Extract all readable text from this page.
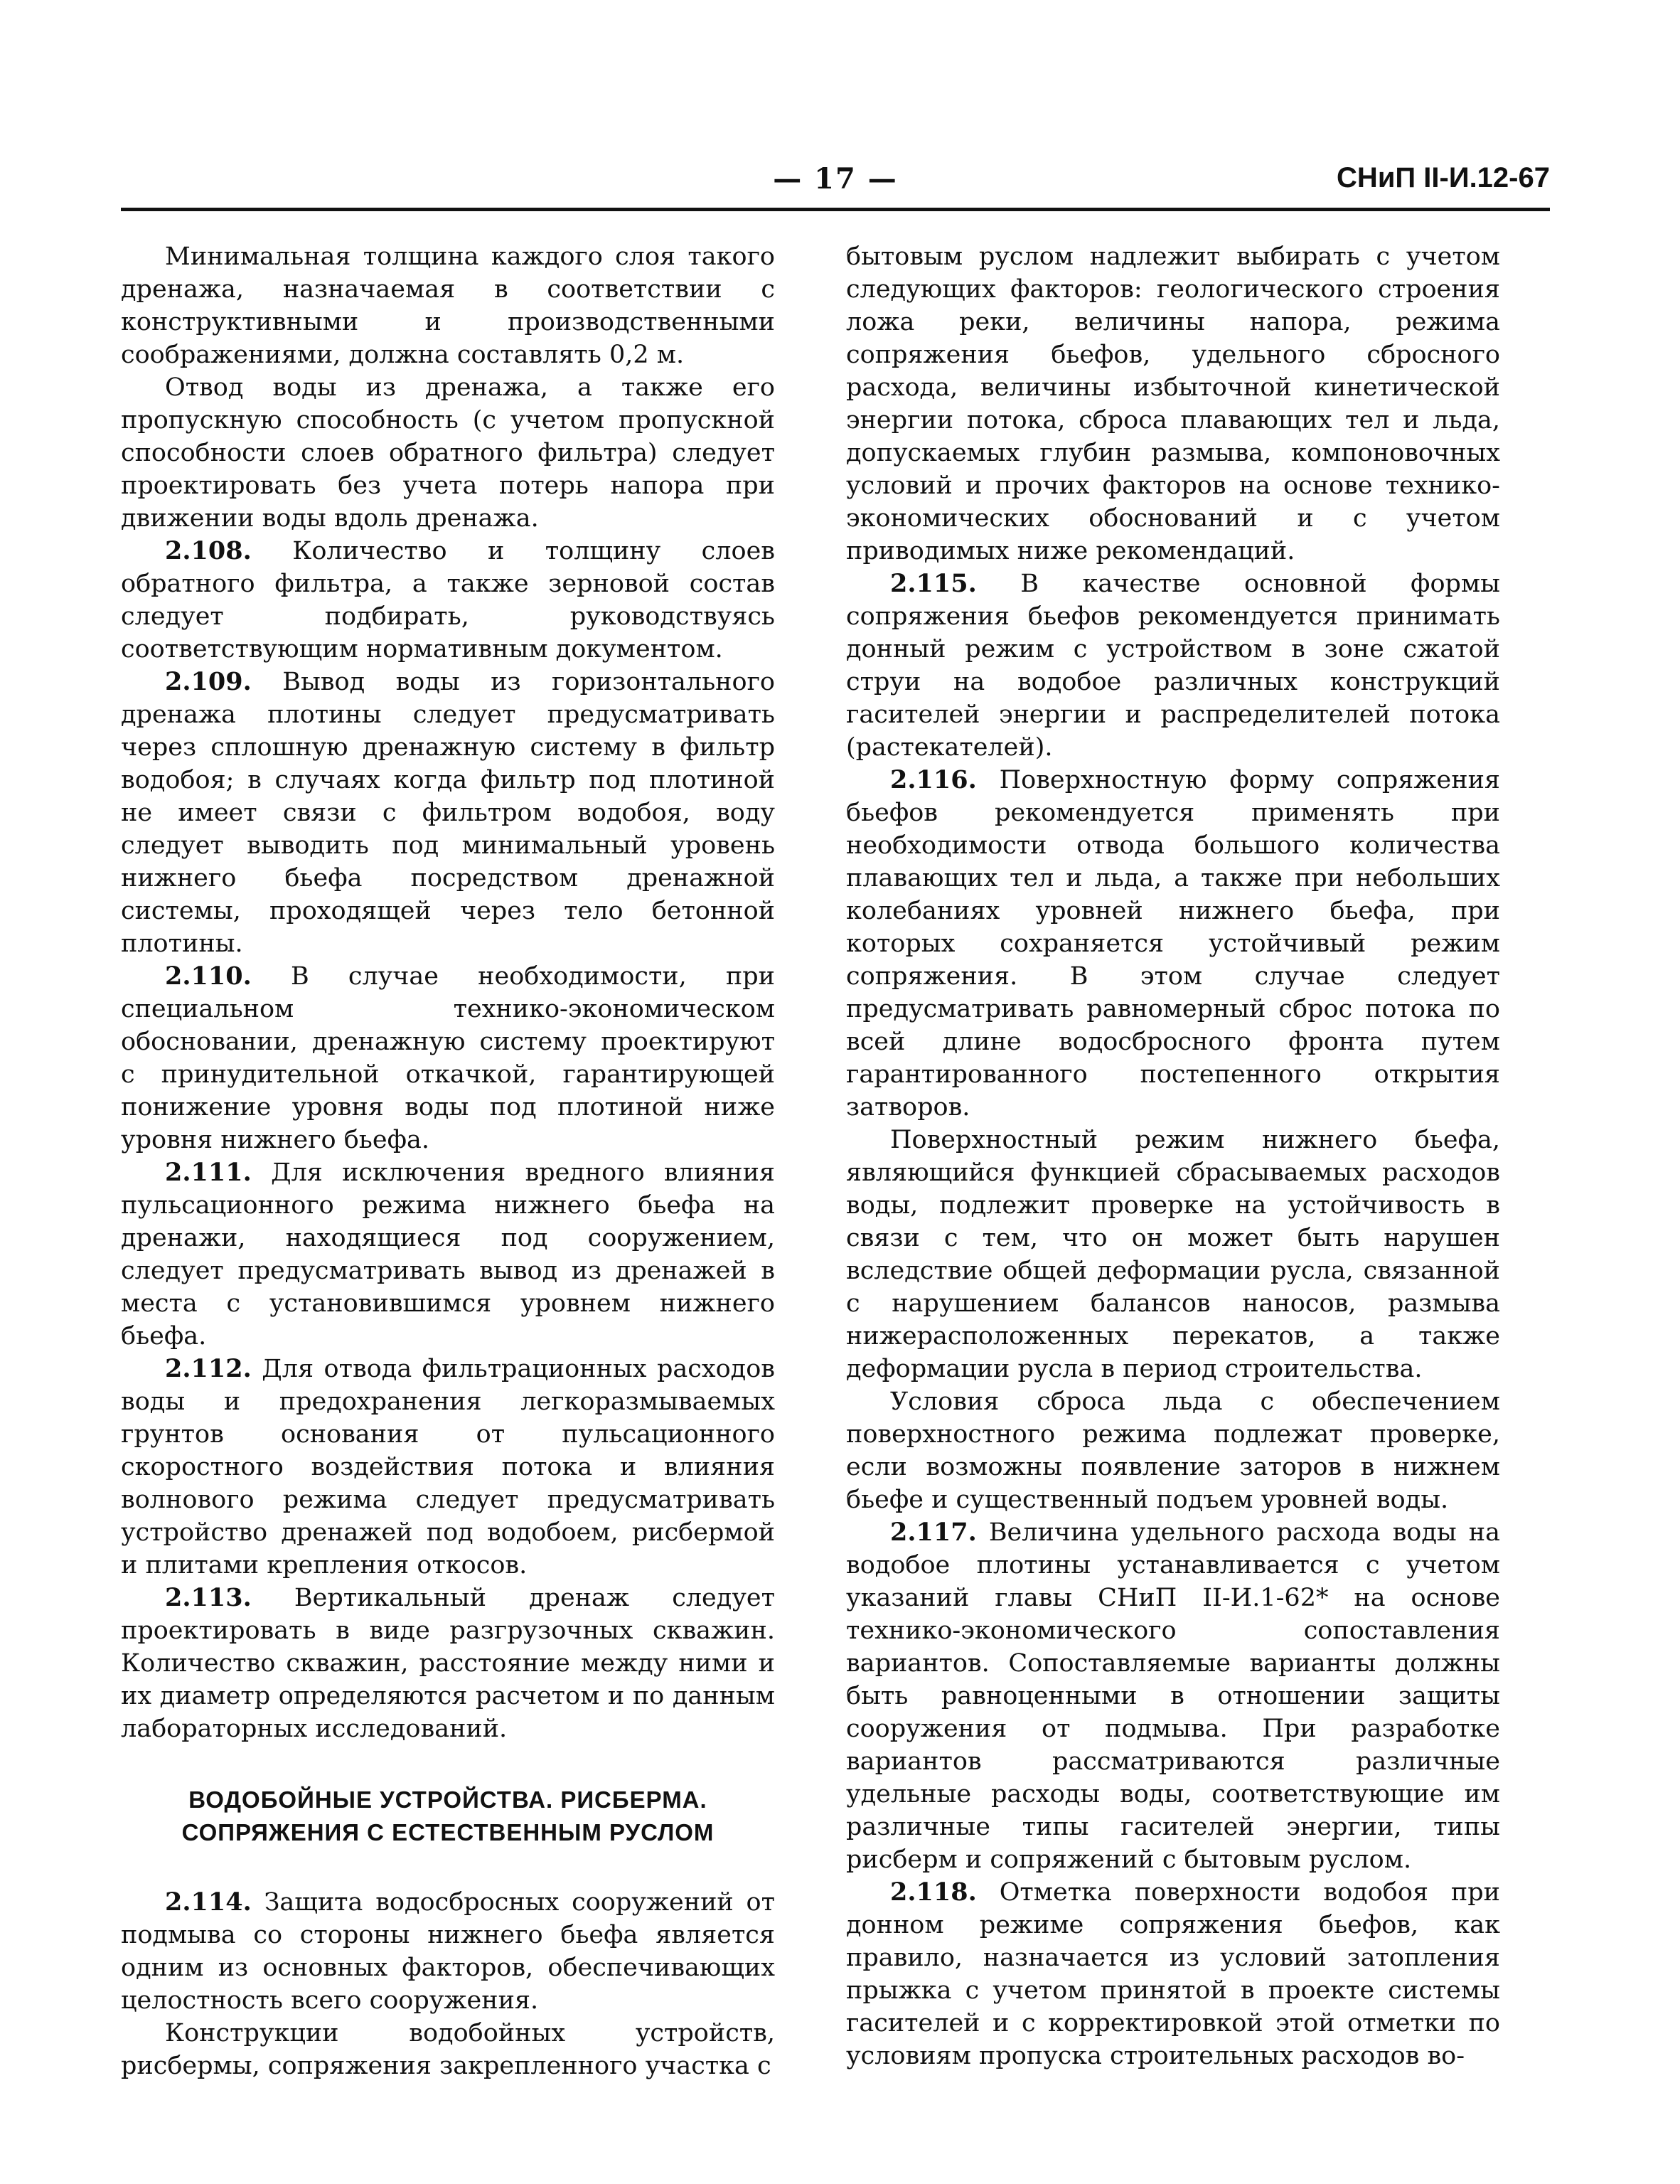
— 17 —	СНиП II-И.12-67

Минимальная толщина каждого слоя такого дренажа, назначаемая в соответствии с конструктивными и производственными соображениями, должна составлять 0,2 м.

Отвод воды из дренажа, а также его пропускную способность (с учетом пропускной способности слоев обратного фильтра) следует проектировать без учета потерь напора при движении воды вдоль дренажа.

2.108. Количество и толщину слоев обратного фильтра, а также зерновой состав следует подбирать, руководствуясь соответствующим нормативным документом.

2.109. Вывод воды из горизонтального дренажа плотины следует предусматривать через сплошную дренажную систему в фильтр водобоя; в случаях когда фильтр под плотиной не имеет связи с фильтром водобоя, воду следует выводить под минимальный уровень нижнего бьефа посредством дренажной системы, проходящей через тело бетонной плотины.

2.110. В случае необходимости, при специальном технико-экономическом обосновании, дренажную систему проектируют с принудительной откачкой, гарантирующей понижение уровня воды под плотиной ниже уровня нижнего бьефа.

2.111. Для исключения вредного влияния пульсационного режима нижнего бьефа на дренажи, находящиеся под сооружением, следует предусматривать вывод из дренажей в места с установившимся уровнем нижнего бьефа.

2.112. Для отвода фильтрационных расходов воды и предохранения легкоразмываемых грунтов основания от пульсационного скоростного воздействия потока и влияния волнового режима следует предусматривать устройство дренажей под водобоем, рисбермой и плитами крепления откосов.

2.113. Вертикальный дренаж следует проектировать в виде разгрузочных скважин. Количество скважин, расстояние между ними и их диаметр определяются расчетом и по данным лабораторных исследований.

ВОДОБОЙНЫЕ УСТРОЙСТВА. РИСБЕРМА.
СОПРЯЖЕНИЯ С ЕСТЕСТВЕННЫМ РУСЛОМ

2.114. Защита водосбросных сооружений от подмыва со стороны нижнего бьефа является одним из основных факторов, обеспечивающих целостность всего сооружения.

Конструкции водобойных устройств, рисбермы, сопряжения закрепленного участка с

бытовым руслом надлежит выбирать с учетом следующих факторов: геологического строения ложа реки, величины напора, режима сопряжения бьефов, удельного сбросного расхода, величины избыточной кинетической энергии потока, сброса плавающих тел и льда, допускаемых глубин размыва, компоновочных условий и прочих факторов на основе технико-экономических обоснований и с учетом приводимых ниже рекомендаций.

2.115. В качестве основной формы сопряжения бьефов рекомендуется принимать донный режим с устройством в зоне сжатой струи на водобое различных конструкций гасителей энергии и распределителей потока (растекателей).

2.116. Поверхностную форму сопряжения бьефов рекомендуется применять при необходимости отвода большого количества плавающих тел и льда, а также при небольших колебаниях уровней нижнего бьефа, при которых сохраняется устойчивый режим сопряжения. В этом случае следует предусматривать равномерный сброс потока по всей длине водосбросного фронта путем гарантированного постепенного открытия затворов.

Поверхностный режим нижнего бьефа, являющийся функцией сбрасываемых расходов воды, подлежит проверке на устойчивость в связи с тем, что он может быть нарушен вследствие общей деформации русла, связанной с нарушением балансов наносов, размыва нижерасположенных перекатов, а также деформации русла в период строительства.

Условия сброса льда с обеспечением поверхностного режима подлежат проверке, если возможны появление заторов в нижнем бьефе и существенный подъем уровней воды.

2.117. Величина удельного расхода воды на водобое плотины устанавливается с учетом указаний главы СНиП II-И.1-62* на основе технико-экономического сопоставления вариантов. Сопоставляемые варианты должны быть равноценными в отношении защиты сооружения от подмыва. При разработке вариантов рассматриваются различные удельные расходы воды, соответствующие им различные типы гасителей энергии, типы рисберм и сопряжений с бытовым руслом.

2.118. Отметка поверхности водобоя при донном режиме сопряжения бьефов, как правило, назначается из условий затопления прыжка с учетом принятой в проекте системы гасителей и с корректировкой этой отметки по условиям пропуска строительных расходов во-
